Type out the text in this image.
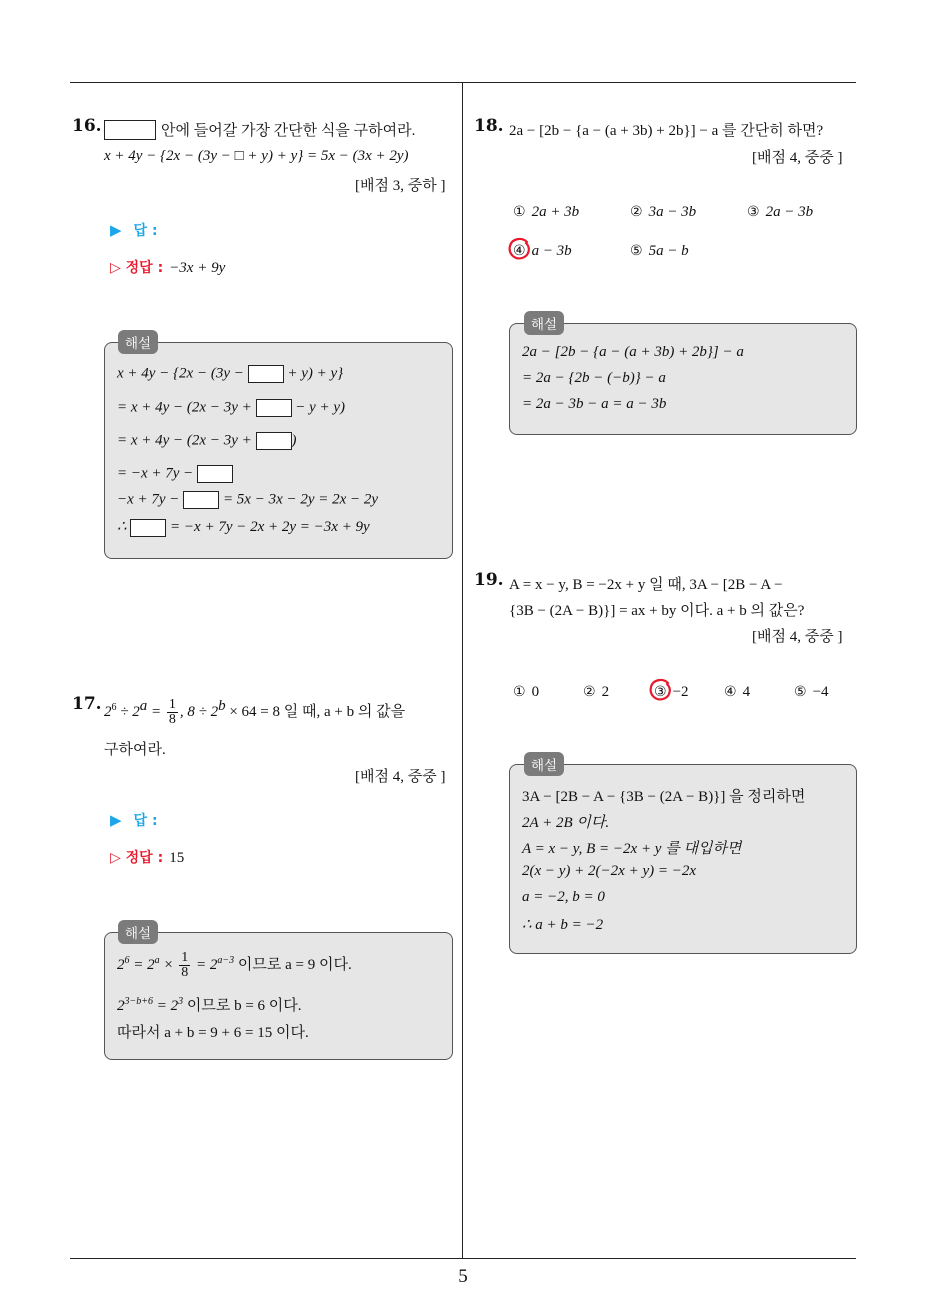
5
16.	안에 들어갈 가장 간단한 식을 구하여라.
x + 4y − {2x − (3y − □ + y) + y} = 5x − (3x + 2y)
[배점 3, 중하 ]
▶ 답 :
▷ 정답 : −3x + 9y
x + 4y − {2x − (3y −  + y) + y}
= x + 4y − (2x − 3y +  − y + y)
= x + 4y − (2x − 3y + )
= −x + 7y −
−x + 7y −  = 5x − 3x − 2y = 2x − 2y
∴  = −x + 7y − 2x + 2y = −3x + 9y
해설
17. $2^6 \div 2^a = \frac{1}{8}$ , $8 \div 2^b \times 64 = 8$ 일 때, a + b 의 값을
구하여라.
[배점 4, 중중 ]
▶ 답 :
▷ 정답 : 15
$2^6 = 2^a \times \frac{1}{8} = 2^{a-3}$ 이므로 a = 9 이다.
$2^{3-b+6} = 2^3$ 이므로 b = 6 이다.
따라서 a + b = 9 + 6 = 15 이다.
해설
18. 2a − [2b − {a − (a + 3b) + 2b}] − a 를 간단히 하면?
[배점 4, 중중 ]
① 2a + 3b	② 3a − 3b	③ 2a − 3b
④ a − 3b	⑤ 5a − b
2a − [2b − {a − (a + 3b) + 2b}] − a
= 2a − {2b − (−b)} − a
= 2a − 3b − a = a − 3b
해설
19. A = x − y, B = −2x + y 일 때, 3A − [2B − A −
{3B − (2A − B)}] = ax + by 이다. a + b 의 값은?
[배점 4, 중중 ]
① 0	② 2	③ −2	④ 4	⑤ −4
3A − [2B − A − {3B − (2A − B)}] 을 정리하면
2A + 2B 이다.
A = x − y, B = −2x + y 를 대입하면
2(x − y) + 2(−2x + y) = −2x
a = −2, b = 0
∴ a + b = −2
해설
